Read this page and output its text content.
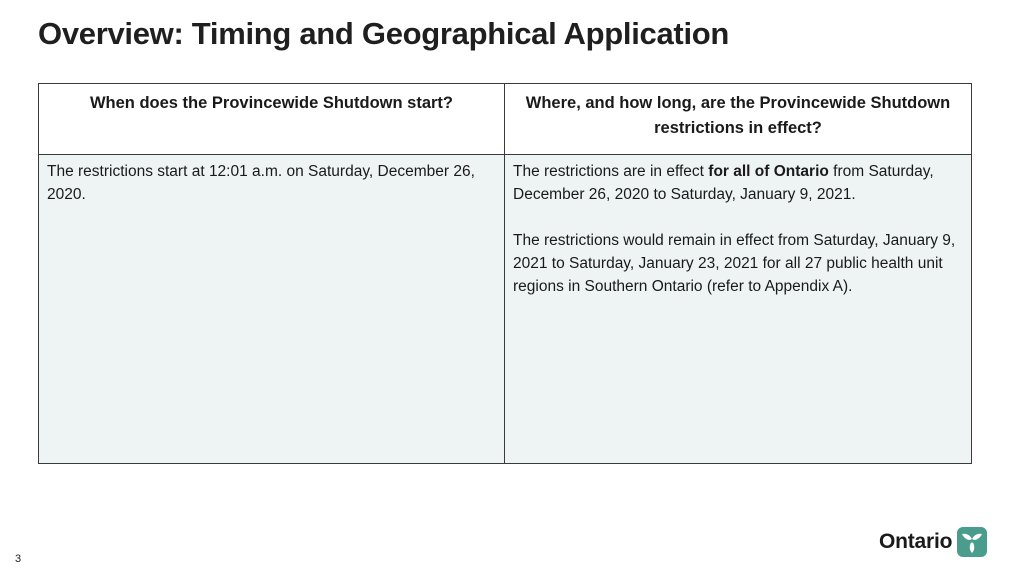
Overview: Timing and Geographical Application
When does the Provincewide Shutdown start?	Where, and how long, are the Provincewide Shutdown restrictions in effect?

The restrictions start at 12:01 a.m. on Saturday, December 26, 2020.	The restrictions are in effect for all of Ontario from Saturday, December 26, 2020 to Saturday, January 9, 2021.

The restrictions would remain in effect from Saturday, January 9, 2021 to Saturday, January 23, 2021 for all 27 public health unit regions in Southern Ontario (refer to Appendix A).

3
Ontario
